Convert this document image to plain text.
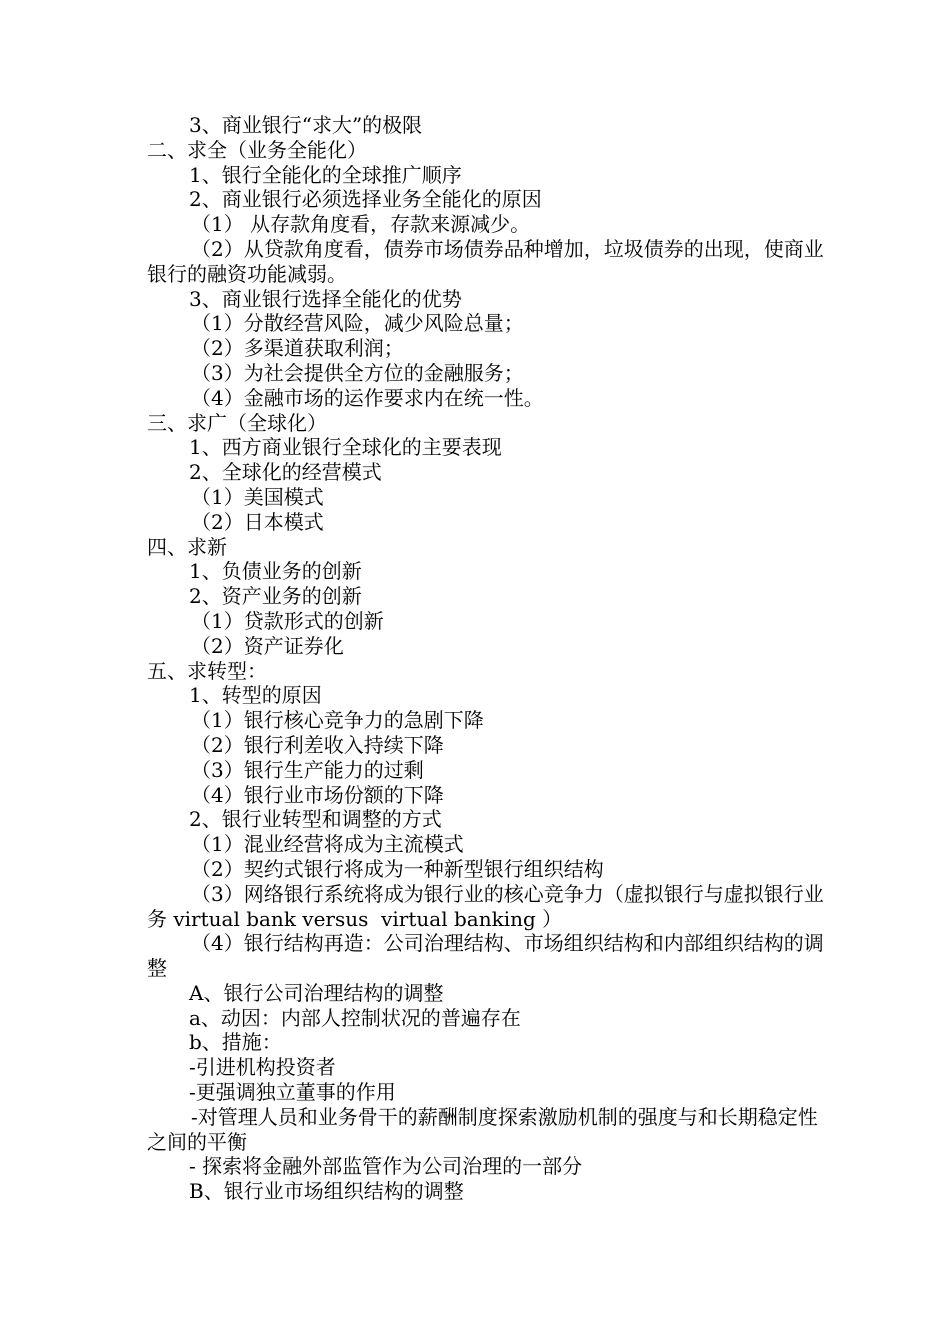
3、商业银行“求大”的极限

二、求全（业务全能化）

1、银行全能化的全球推广顺序

2、商业银行必须选择业务全能化的原因

（1） 从存款角度看，存款来源减少。

（2）从贷款角度看，债券市场债券品种增加，垃圾债券的出现，使商业银行的融资功能减弱。

3、商业银行选择全能化的优势

（1）分散经营风险，减少风险总量；

（2）多渠道获取利润；

（3）为社会提供全方位的金融服务；

（4）金融市场的运作要求内在统一性。

三、求广（全球化）

1、西方商业银行全球化的主要表现

2、全球化的经营模式

（1）美国模式

（2）日本模式

四、求新

1、负债业务的创新

2、资产业务的创新

（1）贷款形式的创新

（2）资产证券化

五、求转型：

1、转型的原因

（1）银行核心竞争力的急剧下降

（2）银行利差收入持续下降

（3）银行生产能力的过剩

（4）银行业市场份额的下降

2、银行业转型和调整的方式

（1）混业经营将成为主流模式

（2）契约式银行将成为一种新型银行组织结构

（3）网络银行系统将成为银行业的核心竞争力（虚拟银行与虚拟银行业务 virtual bank versus  virtual banking ）

（4）银行结构再造：公司治理结构、市场组织结构和内部组织结构的调整

A、银行公司治理结构的调整

a、动因：内部人控制状况的普遍存在

b、措施：

-引进机构投资者

-更强调独立董事的作用

-对管理人员和业务骨干的薪酬制度探索激励机制的强度与和长期稳定性之间的平衡

- 探索将金融外部监管作为公司治理的一部分

B、银行业市场组织结构的调整
